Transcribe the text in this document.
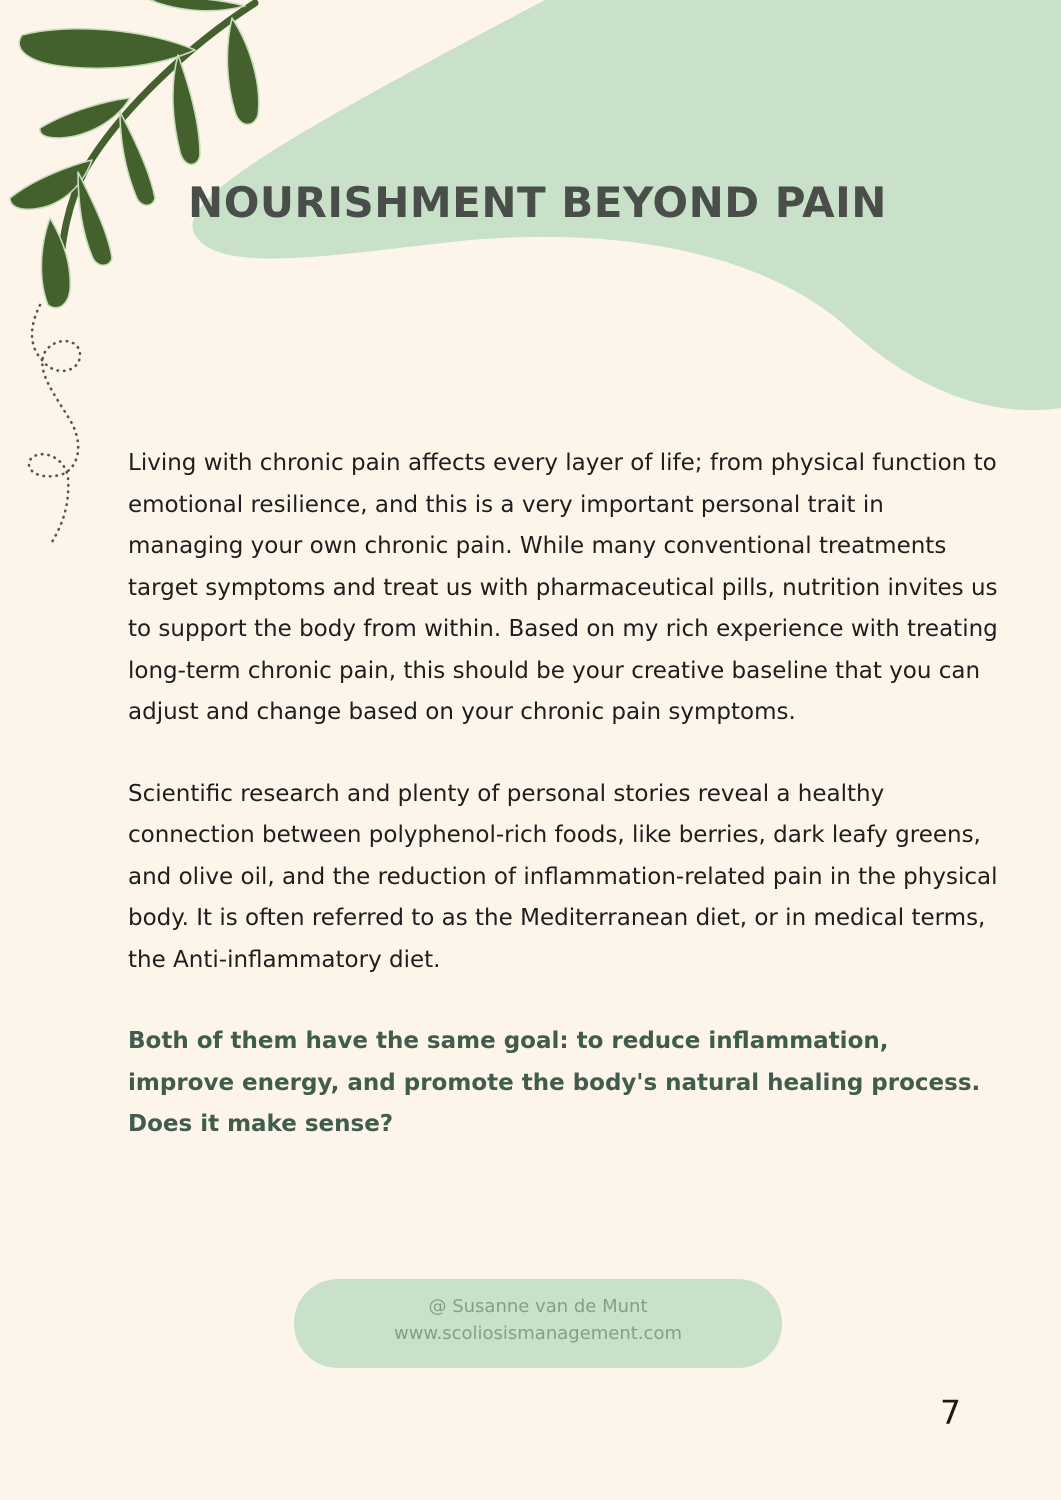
NOURISHMENT BEYOND PAIN

Living with chronic pain affects every layer of life; from physical function to emotional resilience, and this is a very important personal trait in managing your own chronic pain. While many conventional treatments target symptoms and treat us with pharmaceutical pills, nutrition invites us to support the body from within. Based on my rich experience with treating long-term chronic pain, this should be your creative baseline that you can adjust and change based on your chronic pain symptoms.

Scientific research and plenty of personal stories reveal a healthy connection between polyphenol-rich foods, like berries, dark leafy greens, and olive oil, and the reduction of inflammation-related pain in the physical body. It is often referred to as the Mediterranean diet, or in medical terms, the Anti-inflammatory diet.

Both of them have the same goal: to reduce inflammation, improve energy, and promote the body's natural healing process. Does it make sense?

@ Susanne van de Munt
www.scoliosismanagement.com
7
